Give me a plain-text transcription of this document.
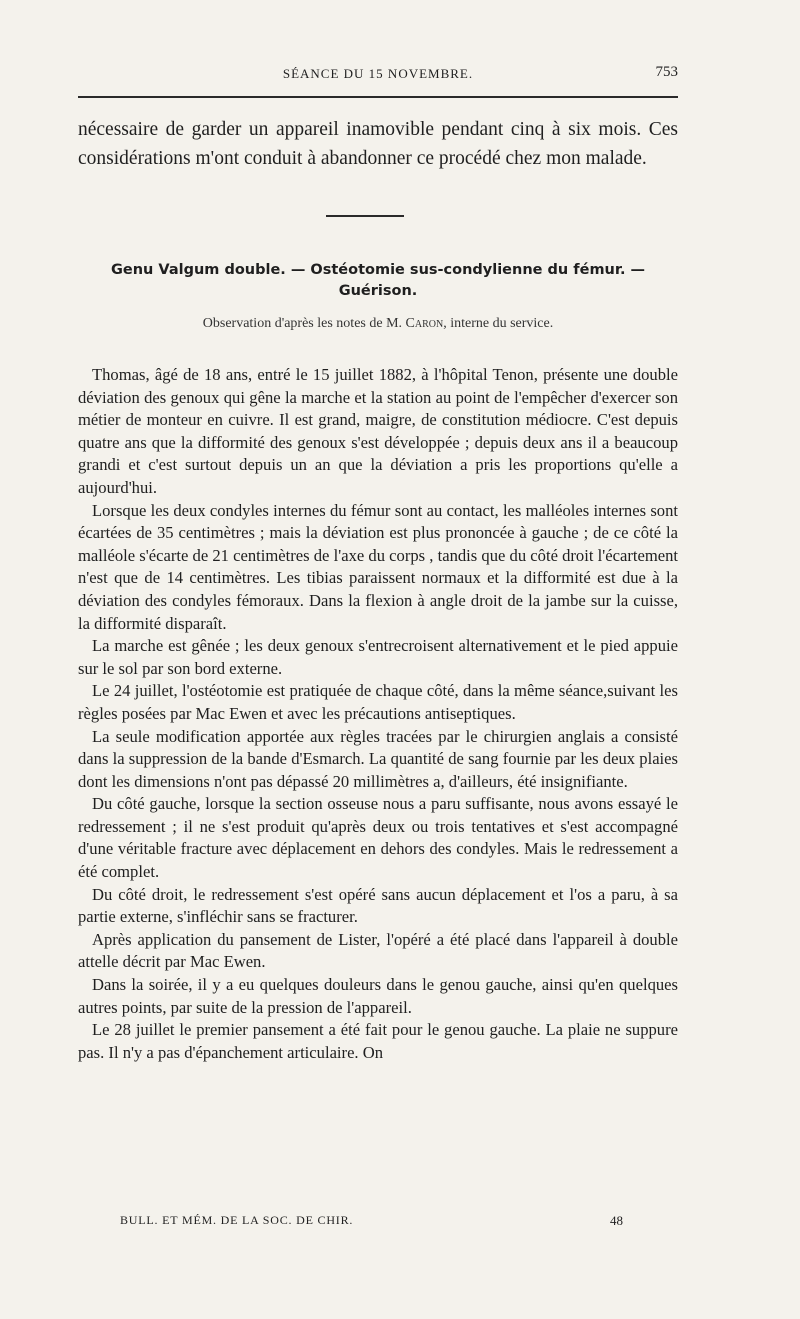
SÉANCE DU 15 NOVEMBRE.	753
nécessaire de garder un appareil inamovible pendant cinq à six mois. Ces considérations m'ont conduit à abandonner ce procédé chez mon malade.
Genu Valgum double. — Ostéotomie sus-condylienne du fémur. —
Guérison.
Observation d'après les notes de M. Caron, interne du service.

Thomas, âgé de 18 ans, entré le 15 juillet 1882, à l'hôpital Tenon, présente une double déviation des genoux qui gêne la marche et la station au point de l'empêcher d'exercer son métier de monteur en cuivre. Il est grand, maigre, de constitution médiocre. C'est depuis quatre ans que la difformité des genoux s'est développée ; depuis deux ans il a beaucoup grandi et c'est surtout depuis un an que la déviation a pris les proportions qu'elle a aujourd'hui.

Lorsque les deux condyles internes du fémur sont au contact, les malléoles internes sont écartées de 35 centimètres ; mais la déviation est plus prononcée à gauche ; de ce côté la malléole s'écarte de 21 centimètres de l'axe du corps , tandis que du côté droit l'écartement n'est que de 14 centimètres. Les tibias paraissent normaux et la difformité est due à la déviation des condyles fémoraux. Dans la flexion à angle droit de la jambe sur la cuisse, la difformité disparaît.

La marche est gênée ; les deux genoux s'entrecroisent alternativement et le pied appuie sur le sol par son bord externe.

Le 24 juillet, l'ostéotomie est pratiquée de chaque côté, dans la même séance,suivant les règles posées par Mac Ewen et avec les précautions antiseptiques.

La seule modification apportée aux règles tracées par le chirurgien anglais a consisté dans la suppression de la bande d'Esmarch. La quantité de sang fournie par les deux plaies dont les dimensions n'ont pas dépassé 20 millimètres a, d'ailleurs, été insignifiante.

Du côté gauche, lorsque la section osseuse nous a paru suffisante, nous avons essayé le redressement ; il ne s'est produit qu'après deux ou trois tentatives et s'est accompagné d'une véritable fracture avec déplacement en dehors des condyles. Mais le redressement a été complet.

Du côté droit, le redressement s'est opéré sans aucun déplacement et l'os a paru, à sa partie externe, s'infléchir sans se fracturer.

Après application du pansement de Lister, l'opéré a été placé dans l'appareil à double attelle décrit par Mac Ewen.

Dans la soirée, il y a eu quelques douleurs dans le genou gauche, ainsi qu'en quelques autres points, par suite de la pression de l'appareil.

Le 28 juillet le premier pansement a été fait pour le genou gauche. La plaie ne suppure pas. Il n'y a pas d'épanchement articulaire. On

BULL. ET MÉM. DE LA SOC. DE CHIR.	48
